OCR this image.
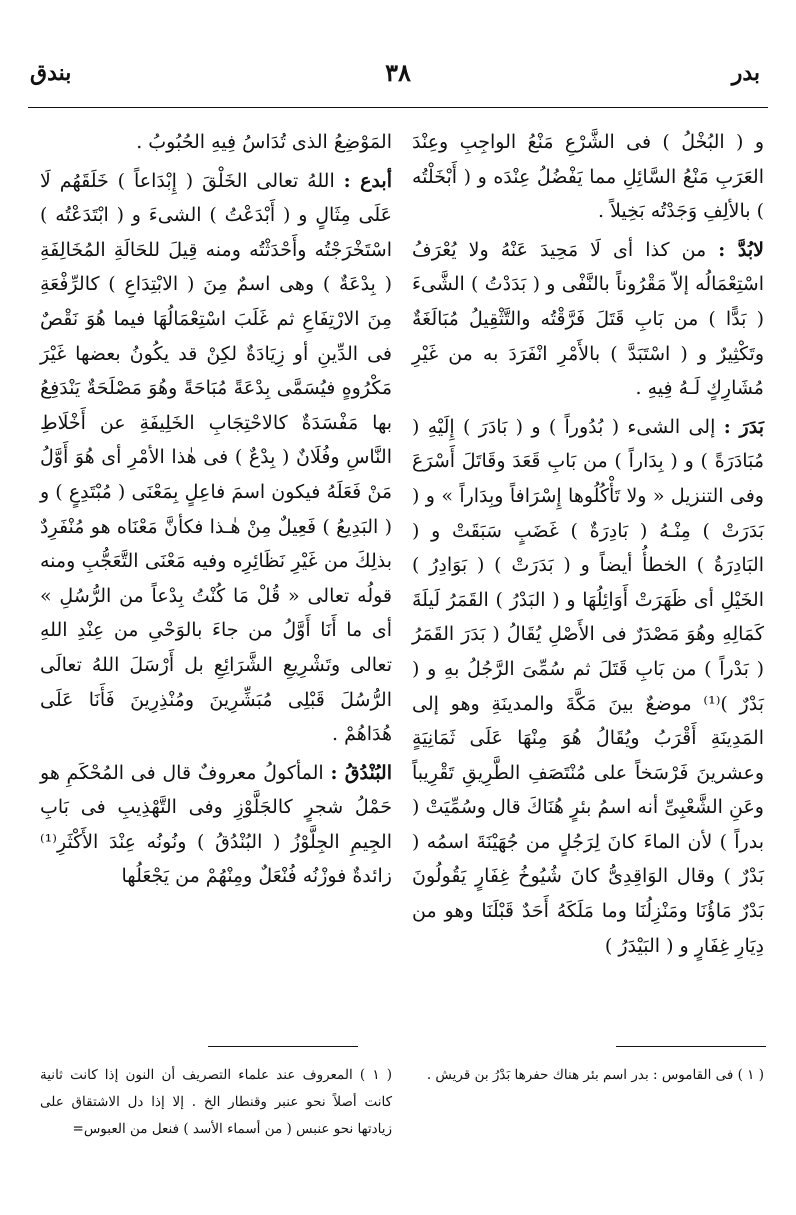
بدر
٣٨
بندق

و ( البُخْلُ ) فى الشَّرْعِ مَنْعُ الواجِبِ وعِنْدَ العَرَبِ مَنْعُ السَّائِلِ مما يَفْضُلُ عِنْدَه و ( أَبْخَلْتُه ) بالألِفِ وَجَدْتُه بَخِيلاً .

لابُدَّ : من كذا أى لَا مَحِيدَ عَنْهُ ولا يُعْرَفُ اسْتِعْمَالُه إلاّ مَقْرُوناً بالنَّفْى و ( بَدَدْتُ ) الشَّىءَ ( بَدًّا ) من بَابِ قَتَلَ فَرَّقْتُه والتَّثْقِيلُ مُبَالَغَةٌ وتَكْثِيرٌ و ( اسْتَبَدَّ ) بالأَمْرِ انْفَرَدَ به من غَيْرِ مُشَارِكٍ لَـهُ فِيهِ .

بَدَرَ : إلى الشىء ( بُدُوراً ) و ( بَادَرَ ) إِلَيْهِ ( مُبَادَرَةً ) و ( بِدَاراً ) من بَابِ قَعَدَ وقَاتَلَ أَسْرَعَ وفى التنزيل « ولا تَأْكُلُوها إِسْرَافاً وبِدَاراً » و ( بَدَرَتْ ) مِنْـهُ ( بَادِرَةٌ ) غَضَبٍ سَبَقَتْ و ( البَادِرَةُ ) الخطأُ أيضاً و ( بَدَرَتْ ) ( بَوَادِرُ ) الخَيْلِ أى ظَهَرَتْ أَوَائِلُهَا و ( البَدْرُ ) القَمَرُ لَيلَةَ كَمَالِهِ وهُوَ مَصْدَرٌ فى الأَصْلِ يُقَالُ ( بَدَرَ القَمَرُ ( بَدْراً ) من بَابِ قَتَلَ ثم سُمِّىَ الرَّجُلُ بهِ و ( بَدْرٌ )⁽¹⁾ موضعٌ بينَ مَكَّةَ والمدينَةِ وهو إلى المَدِينَةِ أَقْرَبُ ويُقَالُ هُوَ مِنْهَا عَلَى ثَمَانِيَةٍ وعشرينَ فَرْسَخاً على مُنْتَصَفِ الطَّرِيقِ تَقْرِيباً وعَنِ الشَّعْبِىِّ أنه اسمُ بئرٍ هُنَاكَ قال وسُمِّيَتْ ( بدراً ) لأن الماءَ كانَ لِرَجُلٍ من جُهَيْنَةَ اسمُه ( بَدْرٌ ) وقال الوَاقِدِىُّ كانَ شُيُوخُ غِفَارٍ يَقُولُونَ بَدْرٌ مَاؤُنَا ومَنْزِلُنَا وما مَلَكَهُ أَحَدٌ قَبْلَنَا وهو من دِيَارِ غِفَارٍ و ( البَيْدَرُ )

المَوْضِعُ الذى تُدَاسُ فِيهِ الحُبُوبُ .

أبدع : اللهُ تعالى الخَلْقَ ( إِبْدَاعاً ) خَلَقَهُم لَا عَلَى مِثَالٍ و ( أَبْدَعْتُ ) الشىءَ و ( ابْتَدَعْتُه ) اسْتَخْرَجْتُه وأَحْدَثْتُه ومنه قِيلَ للحَالَةِ المُخَالِفَةِ ( بِدْعَةٌ ) وهى اسمٌ مِنَ ( الابْتِدَاعِ ) كالرِّفْعَةِ مِنَ الارْتِفَاعِ ثم غَلَبَ اسْتِعْمَالُهَا فيما هُوَ نَقْصٌ فى الدِّينِ أو زِيَادَةٌ لكِنْ قد يكُونُ بعضها غَيْرَ مَكْرُوهٍ فيُسَمَّى بِدْعَةً مُبَاحَةً وهُوَ مَصْلَحَةٌ يَنْدَفِعُ بها مَفْسَدَةٌ كالاحْتِجَابِ الخَلِيفَةِ عن أَخْلَاطِ النَّاسِ وفُلَانٌ ( بِدْعٌ ) فى هٰذا الأمْرِ أى هُوَ أَوَّلُ مَنْ فَعَلَهُ فيكون اسمَ فاعِلٍ بِمَعْنَى ( مُبْتَدِعٍ ) و ( البَدِيعُ ) فَعِيلٌ مِنْ هٰـذا فكأنَّ مَعْنَاه هو مُنْفَرِدٌ بذلِكَ من غَيْرِ نَظَائِرِه وفيه مَعْنَى التَّعَجُّبِ ومنه قولُه تعالى « قُلْ مَا كُنْتُ بِدْعاً من الرُّسُلِ » أى ما أَنَا أَوَّلُ من جاءَ بالوَحْىِ من عِنْدِ اللهِ تعالى وتَشْرِيعِ الشَّرَائِعِ بل أَرْسَلَ اللهُ تعالَى الرُّسُلَ قَبْلِى مُبَشِّرِينَ ومُنْذِرِينَ فَأَنَا عَلَى هُدَاهُمْ .

البُنْدُقُ : المأكولُ معروفٌ قال فى المُحْكَمِ هو حَمْلُ شجرٍ كالجَلَّوْزِ وفى التَّهْذِيبِ فى بَابِ الجِيمِ الجِلَّوْزُ ( البُنْدُقُ ) ونُونُه عِنْدَ الأَكْثَرِ⁽¹⁾ زائدةٌ فوزْنُه فُنْعَلٌ ومِنْهُمْ من يَجْعَلُها

( ١ ) فى القاموس : بدر اسم بئر هناك حفرها بَدْرُ بن قريش .

( ١ ) المعروف عند علماء التصريف أن النون إذا كانت ثانية كانت أصلاً نحو عنبر وقنطار الخ . إلا إذا دل الاشتقاق على زيادتها نحو عنبس ( من أسماء الأسد ) فنعل من العبوس=
